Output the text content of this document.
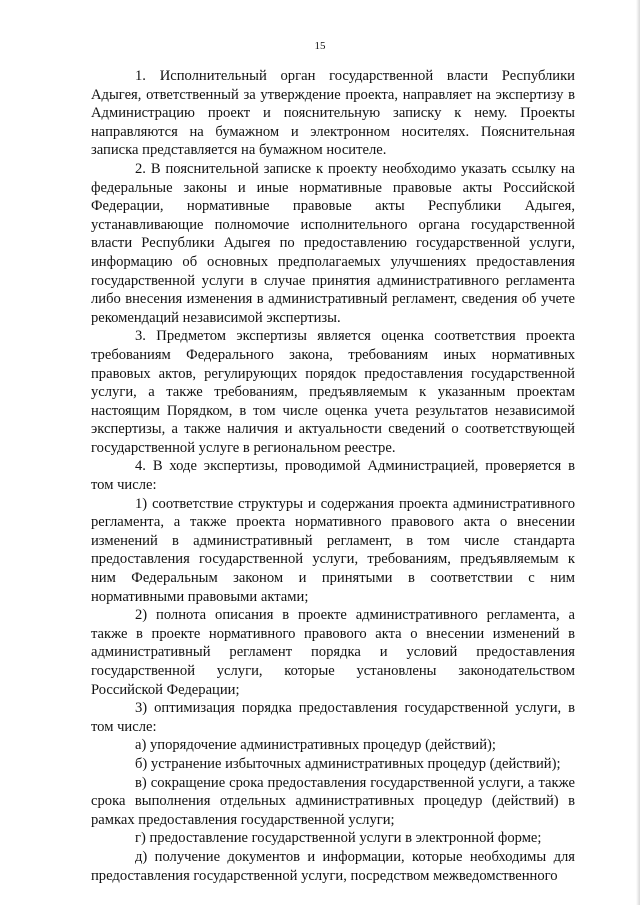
15

1. Исполнительный орган государственной власти Республики Адыгея, ответственный за утверждение проекта, направляет на экспертизу в Администрацию проект и пояснительную записку к нему. Проекты направляются на бумажном и электронном носителях. Пояснительная записка представляется на бумажном носителе.

2. В пояснительной записке к проекту необходимо указать ссылку на федеральные законы и иные нормативные правовые акты Российской Федерации, нормативные правовые акты Республики Адыгея, устанавливающие полномочие исполнительного органа государственной власти Республики Адыгея по предоставлению государственной услуги, информацию об основных предполагаемых улучшениях предоставления государственной услуги в случае принятия административного регламента либо внесения изменения в административный регламент, сведения об учете рекомендаций независимой экспертизы.

3. Предметом экспертизы является оценка соответствия проекта требованиям Федерального закона, требованиям иных нормативных правовых актов, регулирующих порядок предоставления государственной услуги, а также требованиям, предъявляемым к указанным проектам настоящим Порядком, в том числе оценка учета результатов независимой экспертизы, а также наличия и актуальности сведений о соответствующей государственной услуге в региональном реестре.

4. В ходе экспертизы, проводимой Администрацией, проверяется в том числе:

1) соответствие структуры и содержания проекта административного регламента, а также проекта нормативного правового акта о внесении изменений в административный регламент, в том числе стандарта предоставления государственной услуги, требованиям, предъявляемым к ним Федеральным законом и принятыми в соответствии с ним нормативными правовыми актами;

2) полнота описания в проекте административного регламента, а также в проекте нормативного правового акта о внесении изменений в административный регламент порядка и условий предоставления государственной услуги, которые установлены законодательством Российской Федерации;

3) оптимизация порядка предоставления государственной услуги, в том числе:

а) упорядочение административных процедур (действий);

б) устранение избыточных административных процедур (действий);

в) сокращение срока предоставления государственной услуги, а также срока выполнения отдельных административных процедур (действий) в рамках предоставления государственной услуги;

г) предоставление государственной услуги в электронной форме;

д) получение документов и информации, которые необходимы для предоставления государственной услуги, посредством межведомственного
